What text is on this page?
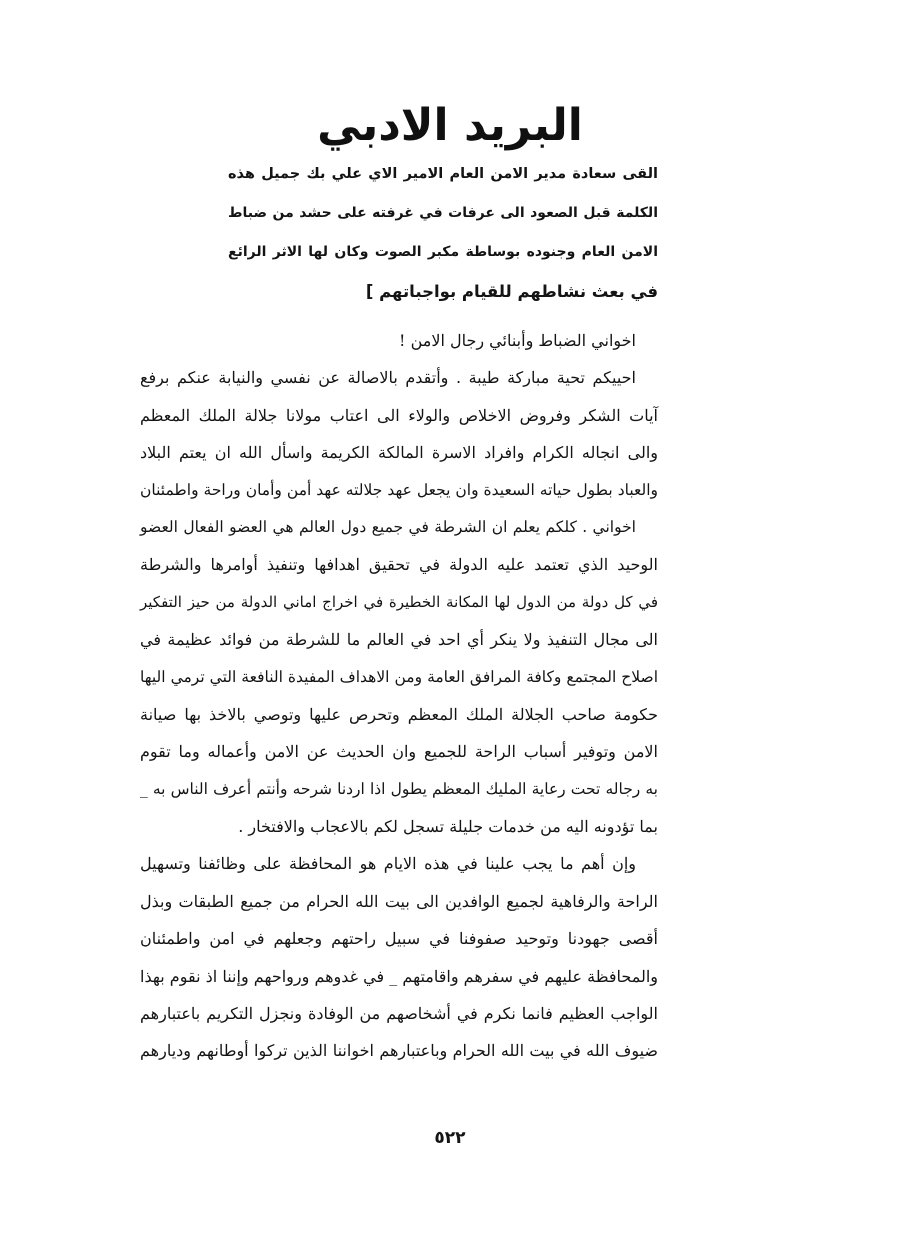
البريد الادبي
القى سعادة مدير الامن العام الامير الاي علي بك جميل هذه
الكلمة قبل الصعود الى عرفات في غرفته على حشد من ضباط
الامن العام وجنوده بوساطة مكبر الصوت وكان لها الاثر الرائع
في بعث نشاطهم للقيام بواجباتهم ]
اخواني الضباط وأبنائي رجال الامن !
احييكم تحية مباركة طيبة . وأتقدم بالاصالة عن نفسي والنيابة عنكم برفع
آيات الشكر وفروض الاخلاص والولاء الى اعتاب مولانا جلالة الملك المعظم
والى انجاله الكرام وافراد الاسرة المالكة الكريمة واسأل الله ان يعتم البلاد
والعباد بطول حياته السعيدة وان يجعل عهد جلالته عهد أمن وأمان وراحة واطمئنان
اخواني . كلكم يعلم ان الشرطة في جميع دول العالم هي العضو الفعال العضو
الوحيد الذي تعتمد عليه الدولة في تحقيق اهدافها وتنفيذ أوامرها والشرطة
في كل دولة من الدول لها المكانة الخطيرة في اخراج اماني الدولة من حيز التفكير
الى مجال التنفيذ ولا ينكر أي احد في العالم ما للشرطة من فوائد عظيمة في
اصلاح المجتمع وكافة المرافق العامة ومن الاهداف المفيدة النافعة التي ترمي اليها
حكومة صاحب الجلالة الملك المعظم وتحرص عليها وتوصي بالاخذ بها صيانة
الامن وتوفير أسباب الراحة للجميع وان الحديث عن الامن وأعماله وما تقوم
به رجاله تحت رعاية المليك المعظم يطول اذا اردنا شرحه وأنتم أعرف الناس به _
بما تؤدونه اليه من خدمات جليلة تسجل لكم بالاعجاب والافتخار .
وإن أهم ما يجب علينا في هذه الايام هو المحافظة على وظائفنا وتسهيل
الراحة والرفاهية لجميع الوافدين الى بيت الله الحرام من جميع الطبقات وبذل
أقصى جهودنا وتوحيد صفوفنا في سبيل راحتهم وجعلهم في امن واطمئنان
والمحافظة عليهم في سفرهم واقامتهم _ في غدوهم ورواحهم وإننا اذ نقوم بهذا
الواجب العظيم فانما نكرم في أشخاصهم من الوفادة ونجزل التكريم باعتبارهم
ضيوف الله في بيت الله الحرام وباعتبارهم اخواننا الذين تركوا أوطانهم وديارهم
٥٢٢
